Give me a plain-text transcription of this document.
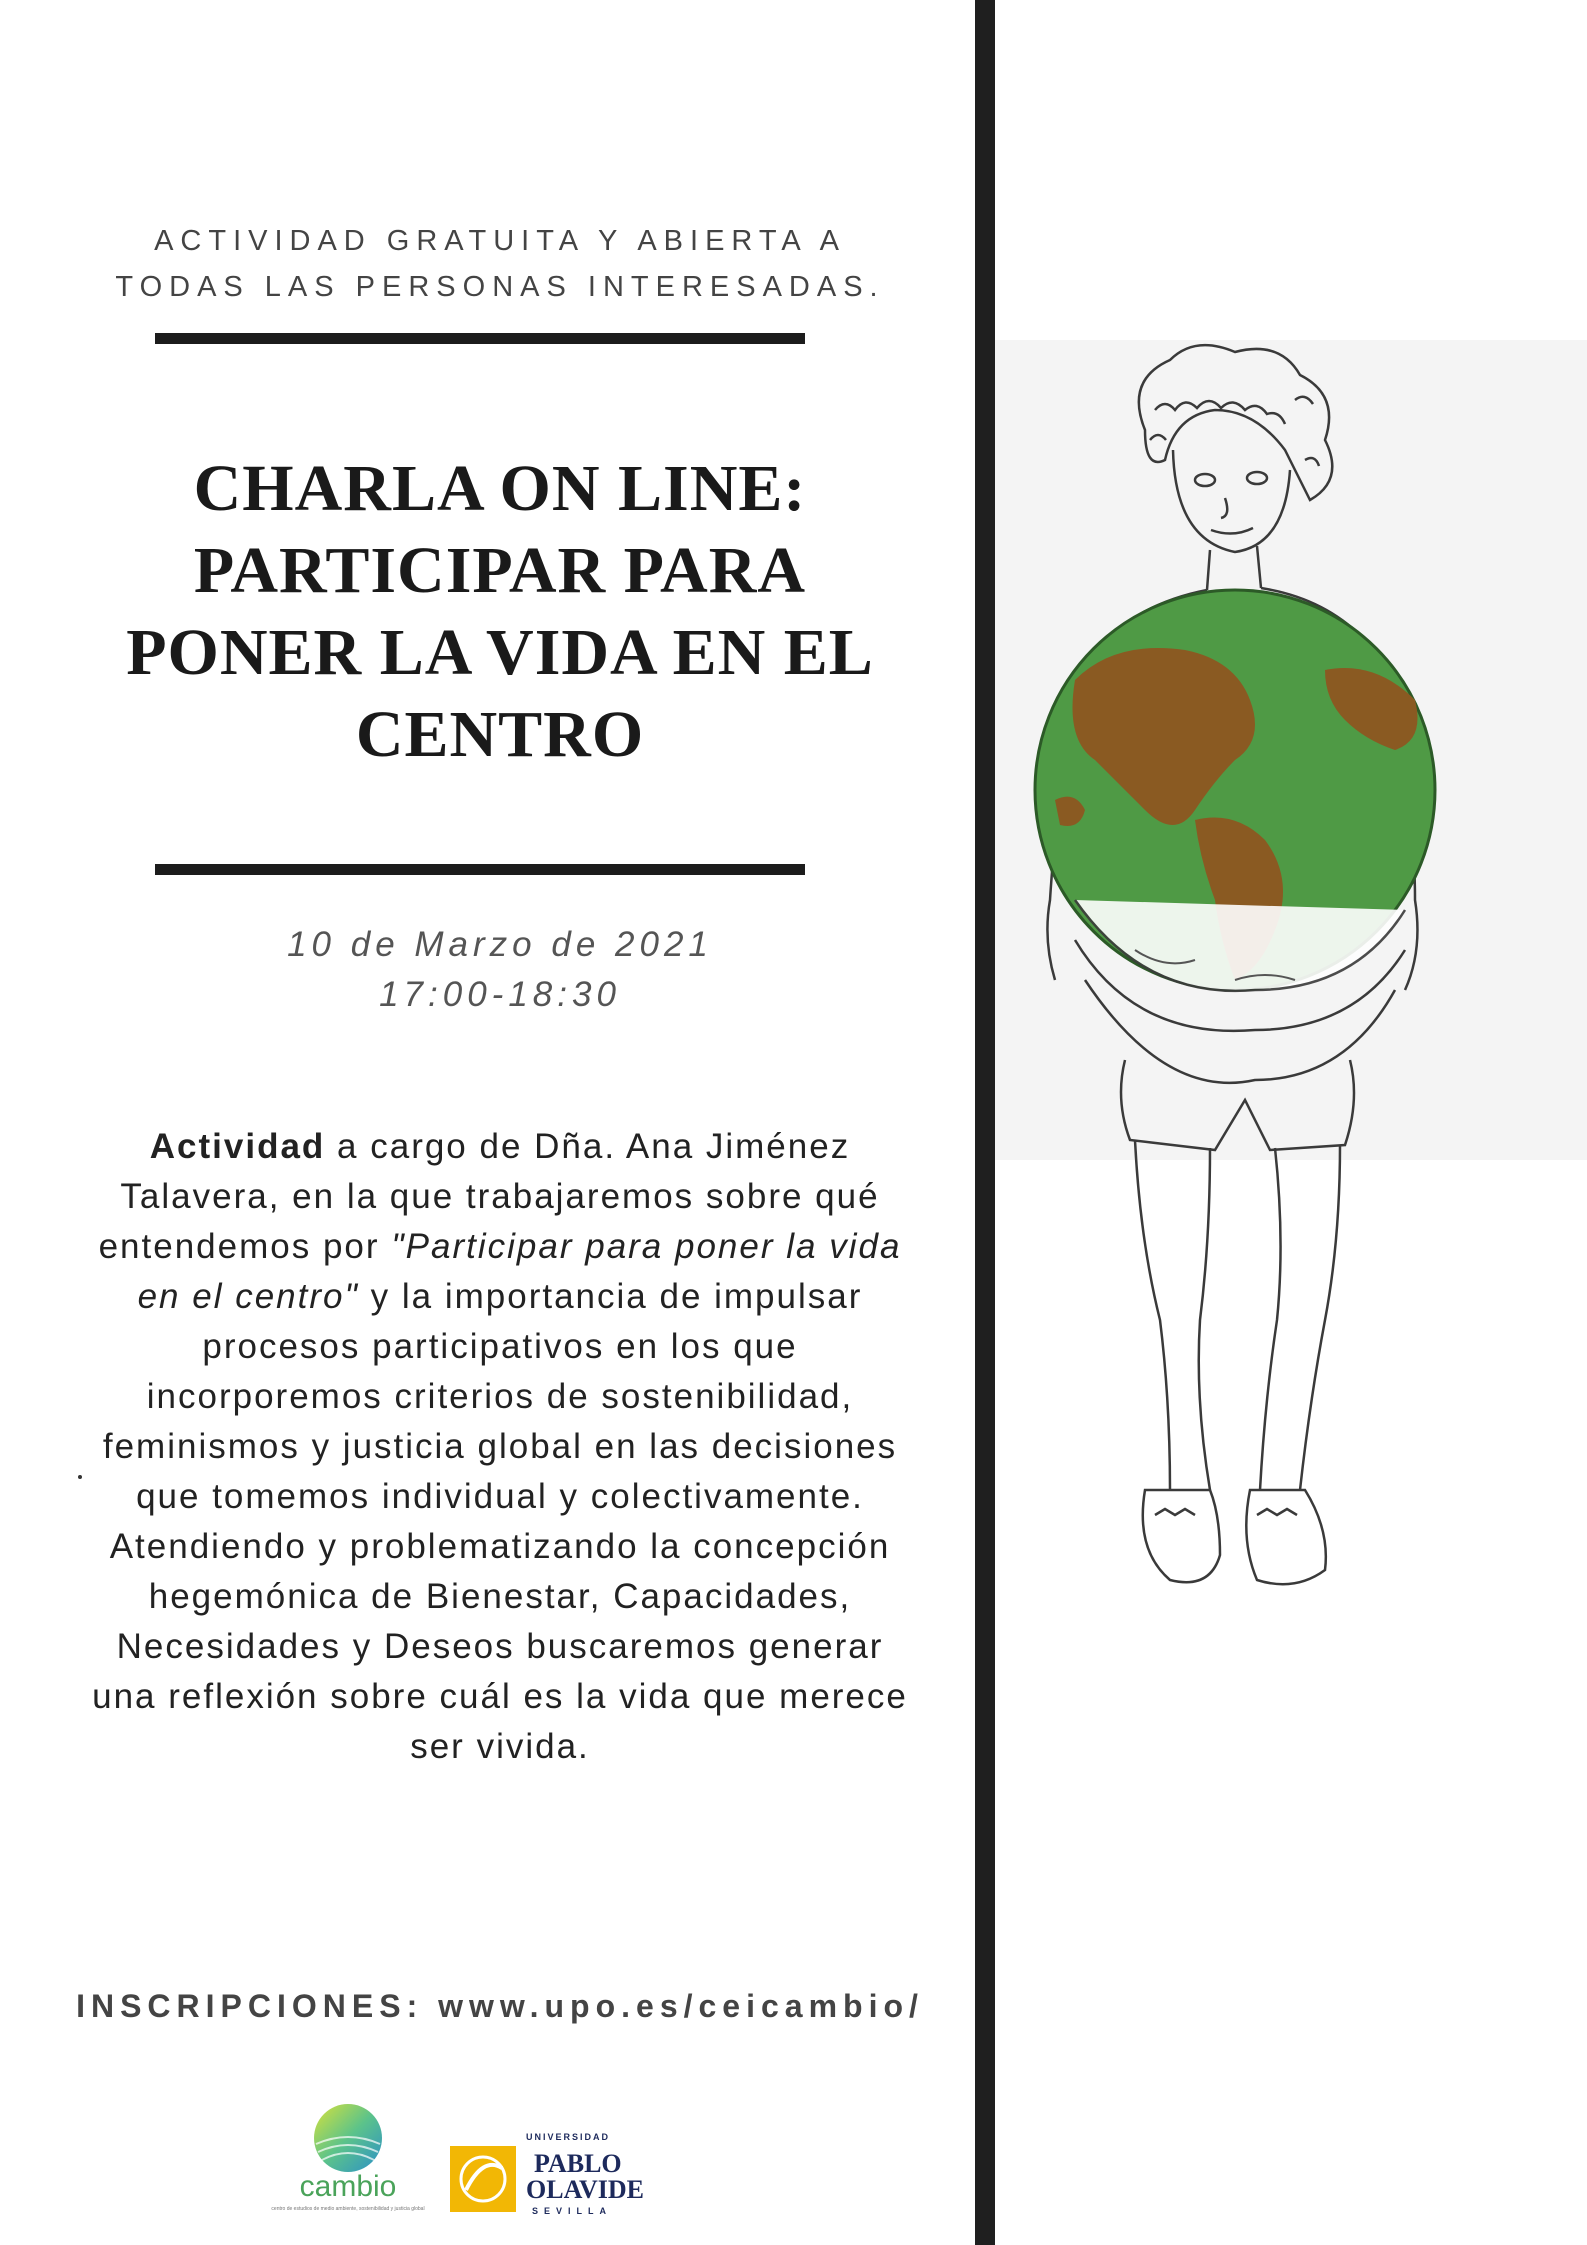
ACTIVIDAD GRATUITA Y ABIERTA A
TODAS LAS PERSONAS INTERESADAS.
CHARLA ON LINE:
PARTICIPAR PARA
PONER LA VIDA EN EL
CENTRO
10 de Marzo de 2021
17:00-18:30
Actividad a cargo de Dña. Ana Jiménez Talavera, en la que trabajaremos sobre qué entendemos por "Participar para poner la vida en el centro" y la importancia de impulsar procesos participativos en los que incorporemos criterios de sostenibilidad, feminismos y justicia global en las decisiones que tomemos individual y colectivamente. Atendiendo y problematizando la concepción hegemónica de Bienestar, Capacidades, Necesidades y Deseos buscaremos generar una reflexión sobre cuál es la vida que merece ser vivida.
INSCRIPCIONES: www.upo.es/ceicambio/
cambio
centro de estudios de medio ambiente, sostenibilidad y justicia global
UNIVERSIDAD
PABLO
OLAVIDE
SEVILLA
